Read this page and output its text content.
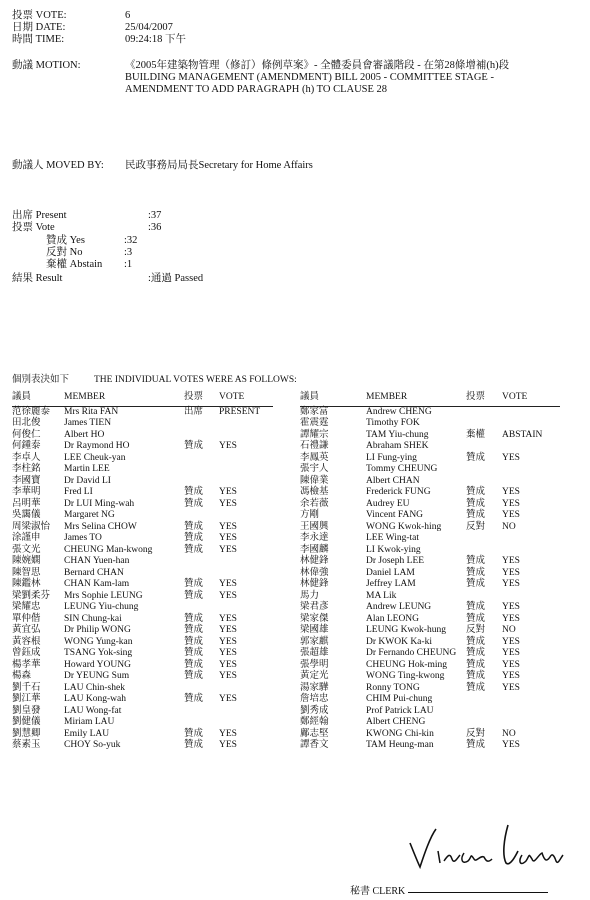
投票 VOTE:	6
日期 DATE:	25/04/2007
時間 TIME:	09:24:18 下午
動議 MOTION:	《2005年建築物管理（修訂）條例草案》- 全體委員會審議階段 - 在第28條增補(h)段
BUILDING MANAGEMENT (AMENDMENT) BILL 2005 - COMMITTEE STAGE -
AMENDMENT TO ADD PARAGRAPH (h) TO CLAUSE 28
動議人 MOVED BY: 民政事務局局長Secretary for Home Affairs
出席 Present	:37
投票 Vote	:36
贊成 Yes	:32
反對 No	:3
棄權 Abstain :1
結果 Result	:通過 Passed
個別表決如下	THE INDIVIDUAL VOTES WERE AS FOLLOWS:
議員	MEMBER	投票	VOTE
范徐麗泰	Mrs Rita FAN	出席	PRESENT
田北俊	James TIEN		
何俊仁	Albert HO		
何鍾泰	Dr Raymond HO	贊成	YES
李卓人	LEE Cheuk-yan		
李柱銘	Martin LEE		
李國寶	Dr David LI		
李華明	Fred LI	贊成	YES
呂明華	Dr LUI Ming-wah	贊成	YES
吳靄儀	Margaret NG		
周梁淑怡	Mrs Selina CHOW	贊成	YES
涂謹申	James TO	贊成	YES
張文光	CHEUNG Man-kwong	贊成	YES
陳婉嫻	CHAN Yuen-han		
陳智思	Bernard CHAN		
陳鑑林	CHAN Kam-lam	贊成	YES
梁劉柔芬	Mrs Sophie LEUNG	贊成	YES
梁耀忠	LEUNG Yiu-chung		
單仲偕	SIN Chung-kai	贊成	YES
黃宜弘	Dr Philip WONG	贊成	YES
黃容根	WONG Yung-kan	贊成	YES
曾鈺成	TSANG Yok-sing	贊成	YES
楊孝華	Howard YOUNG	贊成	YES
楊森	Dr YEUNG Sum	贊成	YES
劉千石	LAU Chin-shek		
劉江華	LAU Kong-wah	贊成	YES
劉皇發	LAU Wong-fat		
劉健儀	Miriam LAU		
劉慧卿	Emily LAU	贊成	YES
蔡素玉	CHOY So-yuk	贊成	YES
議員	MEMBER	投票	VOTE
鄭家富	Andrew CHENG		
霍震霆	Timothy FOK		
譚耀宗	TAM Yiu-chung	棄權	ABSTAIN
石禮謙	Abraham SHEK		
李鳳英	LI Fung-ying	贊成	YES
張宇人	Tommy CHEUNG		
陳偉業	Albert CHAN		
馮檢基	Frederick FUNG	贊成	YES
余若薇	Audrey EU	贊成	YES
方剛	Vincent FANG	贊成	YES
王國興	WONG Kwok-hing	反對	NO
李永達	LEE Wing-tat		
李國麟	LI Kwok-ying		
林健鋒	Dr Joseph LEE	贊成	YES
林偉強	Daniel LAM	贊成	YES
林健鋒	Jeffrey LAM	贊成	YES
馬力	MA Lik		
梁君彥	Andrew LEUNG	贊成	YES
梁家傑	Alan LEONG	贊成	YES
梁國雄	LEUNG Kwok-hung	反對	NO
郭家麒	Dr KWOK Ka-ki	贊成	YES
張超雄	Dr Fernando CHEUNG	贊成	YES
張學明	CHEUNG Hok-ming	贊成	YES
黃定光	WONG Ting-kwong	贊成	YES
湯家驊	Ronny TONG	贊成	YES
詹培忠	CHIM Pui-chung		
劉秀成	Prof Patrick LAU		
鄭經翰	Albert CHENG		
鄺志堅	KWONG Chi-kin	反對	NO
譚香文	TAM Heung-man	贊成	YES
秘書 CLERK
